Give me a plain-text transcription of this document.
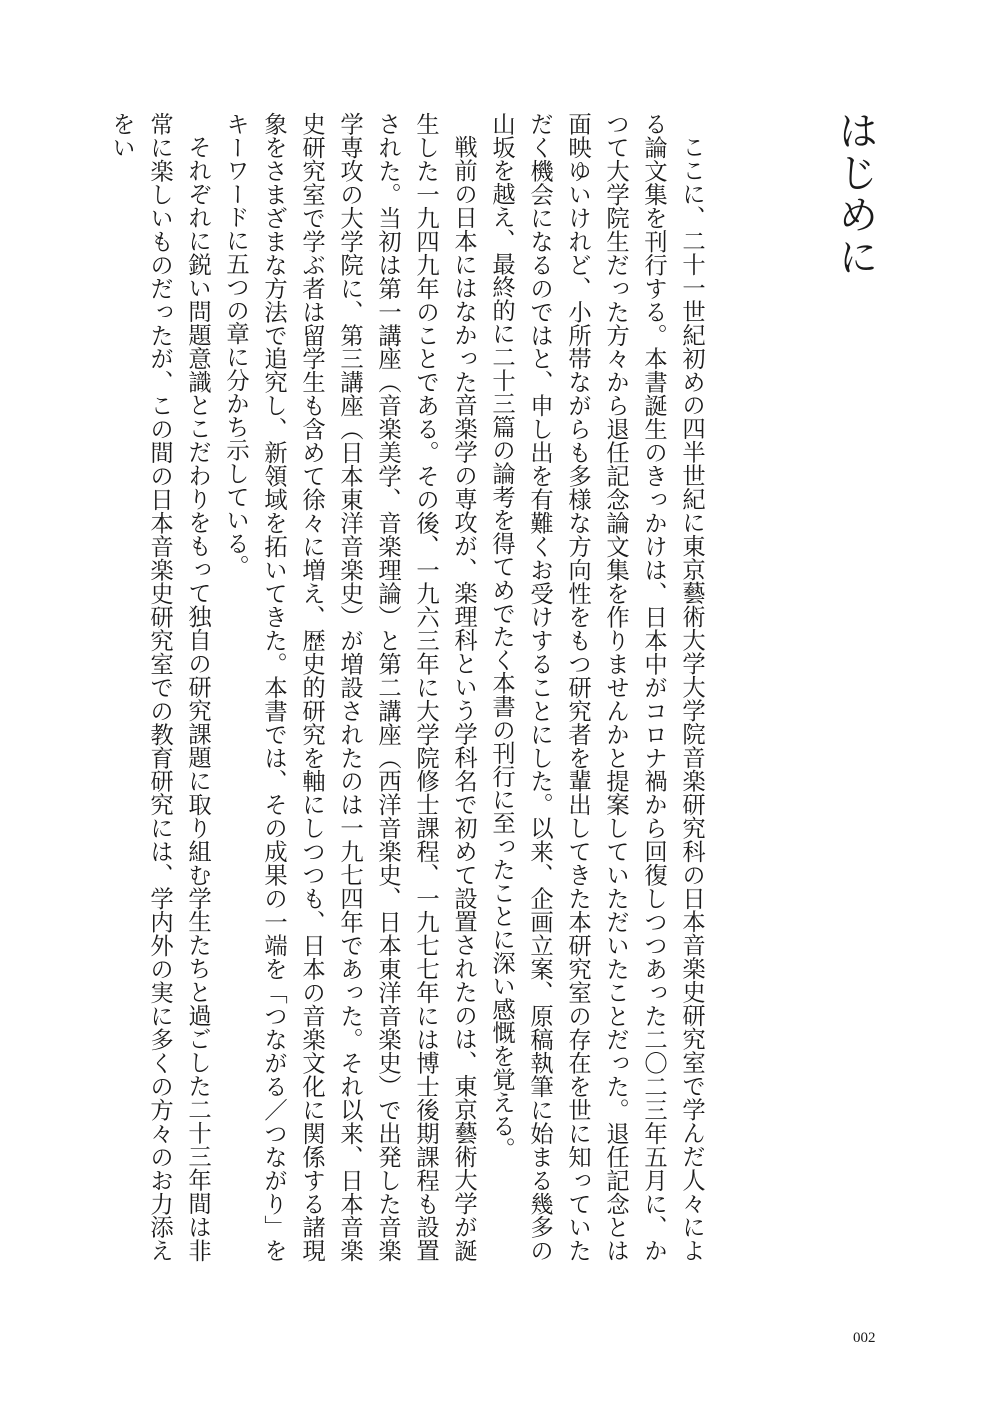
はじめに

ここに、二十一世紀初めの四半世紀に東京藝術大学大学院音楽研究科の日本音楽史研究室で学んだ人々による論文集を刊行する。本書誕生のきっかけは、日本中がコロナ禍から回復しつつあった二〇二三年五月に、かつて大学院生だった方々から退任記念論文集を作りませんかと提案していただいたことだった。退任記念とは面映ゆいけれど、小所帯ながらも多様な方向性をもつ研究者を輩出してきた本研究室の存在を世に知っていただく機会になるのではと、申し出を有難くお受けすることにした。以来、企画立案、原稿執筆に始まる幾多の山坂を越え、最終的に二十三篇の論考を得てめでたく本書の刊行に至ったことに深い感慨を覚える。

戦前の日本にはなかった音楽学の専攻が、楽理科という学科名で初めて設置されたのは、東京藝術大学が誕生した一九四九年のことである。その後、一九六三年に大学院修士課程、一九七七年には博士後期課程も設置された。当初は第一講座（音楽美学、音楽理論）と第二講座（西洋音楽史、日本東洋音楽史）で出発した音楽学専攻の大学院に、第三講座（日本東洋音楽史）が増設されたのは一九七四年であった。それ以来、日本音楽史研究室で学ぶ者は留学生も含めて徐々に増え、歴史的研究を軸にしつつも、日本の音楽文化に関係する諸現象をさまざまな方法で追究し、新領域を拓いてきた。本書では、その成果の一端を「つながる／つながり」をキーワードに五つの章に分かち示している。

それぞれに鋭い問題意識とこだわりをもって独自の研究課題に取り組む学生たちと過ごした二十三年間は非常に楽しいものだったが、この間の日本音楽史研究室での教育研究には、学内外の実に多くの方々のお力添えをい

002
